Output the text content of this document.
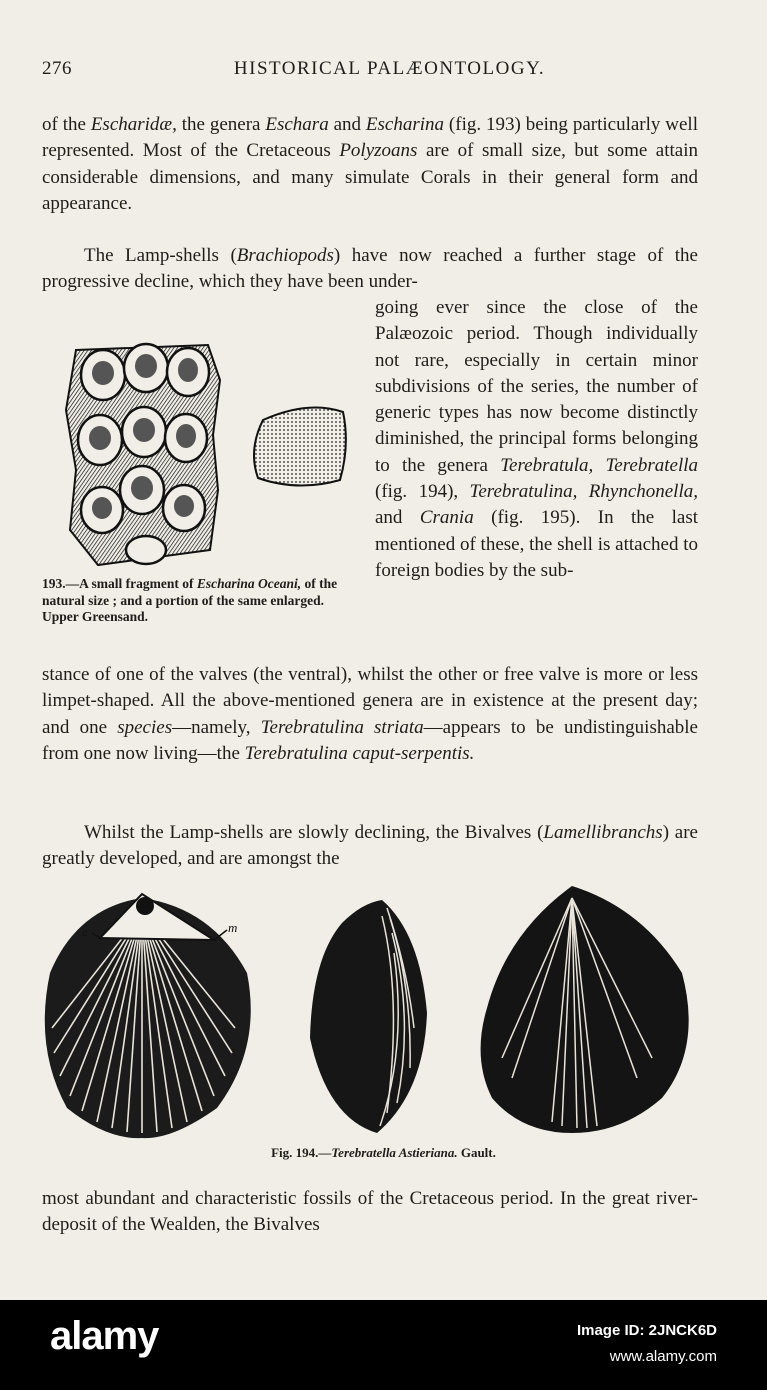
276	HISTORICAL PALÆONTOLOGY.
of the Escharidæ, the genera Eschara and Escharina (fig. 193) being particularly well represented. Most of the Cretaceous Polyzoans are of small size, but some attain considerable dimensions, and many simulate Corals in their general form and appearance.
The Lamp-shells (Brachiopods) have now reached a further stage of the progressive decline, which they have been under-
going ever since the close of the Palæozoic period. Though individually not rare, especially in certain minor subdivisions of the series, the number of generic types has now become distinctly diminished, the principal forms belonging to the genera Terebratula, Terebratella (fig. 194), Terebratulina, Rhynchonella, and Crania (fig. 195). In the last mentioned of these, the shell is attached to foreign bodies by the sub-
193.—A small fragment of Escharina Oceani, of the natural size ; and a portion of the same enlarged. Upper Greensand.
stance of one of the valves (the ventral), whilst the other or free valve is more or less limpet-shaped. All the above-mentioned genera are in existence at the present day; and one species—namely, Terebratulina striata—appears to be undistinguishable from one now living—the Terebratulina caput-serpentis.
Whilst the Lamp-shells are slowly declining, the Bivalves (Lamellibranchs) are greatly developed, and are amongst the
e	m
Fig. 194.—Terebratella Astieriana. Gault.
most abundant and characteristic fossils of the Cretaceous period. In the great river-deposit of the Wealden, the Bivalves
alamy	Image ID: 2JNCK6D
www.alamy.com
